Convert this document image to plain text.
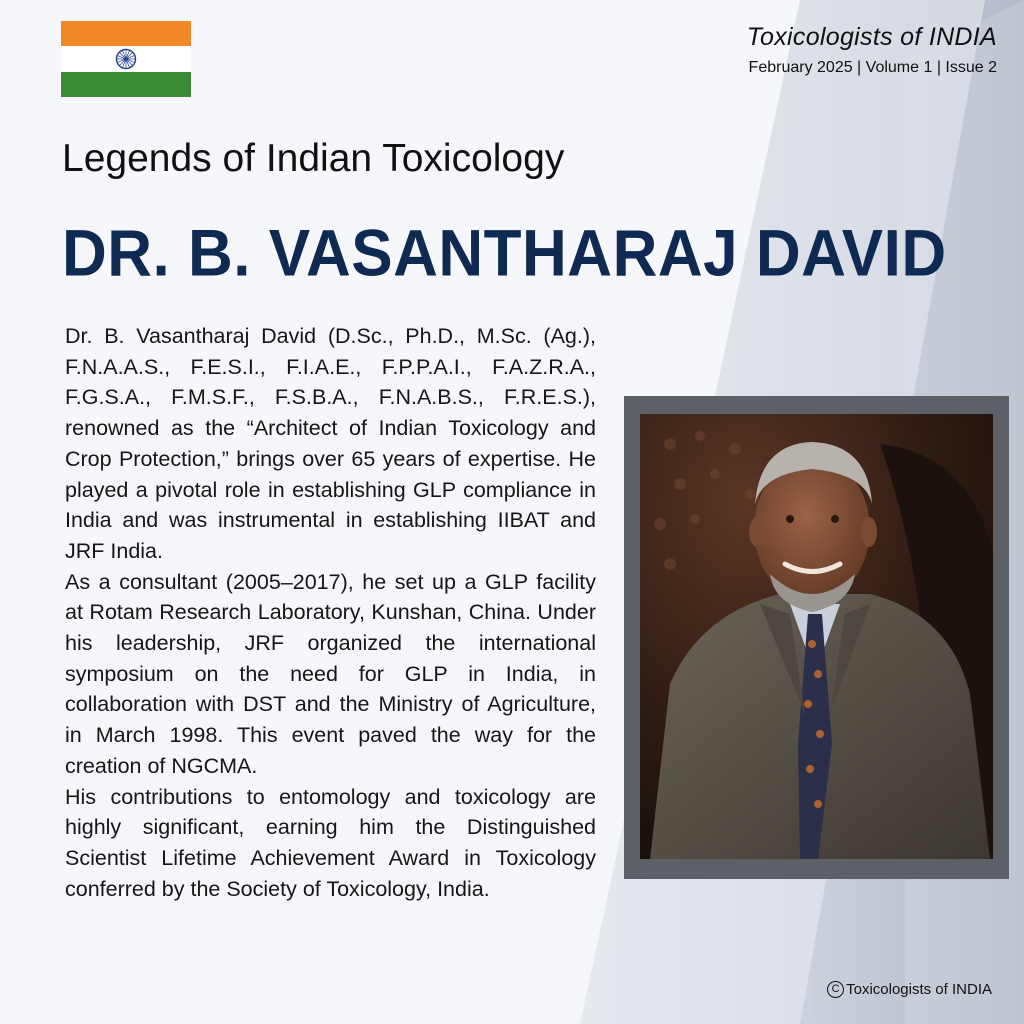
Toxicologists of INDIA
February 2025 | Volume 1 | Issue 2
Legends of Indian Toxicology
DR. B. VASANTHARAJ DAVID

Dr. B. Vasantharaj David (D.Sc., Ph.D., M.Sc. (Ag.), F.N.A.A.S., F.E.S.I., F.I.A.E., F.P.P.A.I., F.A.Z.R.A., F.G.S.A., F.M.S.F., F.S.B.A., F.N.A.B.S., F.R.E.S.), renowned as the “Architect of Indian Toxicology and Crop Protection,” brings over 65 years of expertise. He played a pivotal role in establishing GLP compliance in India and was instrumental in establishing IIBAT and JRF India.

As a consultant (2005–2017), he set up a GLP facility at Rotam Research Laboratory, Kunshan, China. Under his leadership, JRF organized the international symposium on the need for GLP in India, in collaboration with DST and the Ministry of Agriculture, in March 1998. This event paved the way for the creation of NGCMA.

His contributions to entomology and toxicology are highly significant, earning him the Distinguished Scientist Lifetime Achievement Award in Toxicology conferred by the Society of Toxicology, India.

C Toxicologists of INDIA
